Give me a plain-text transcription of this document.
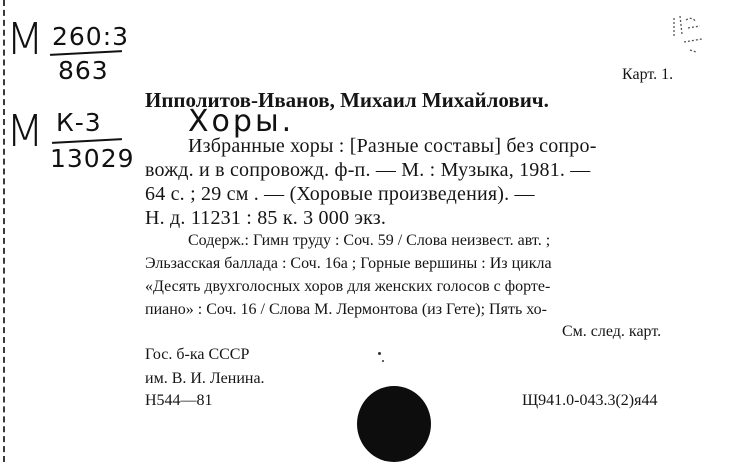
М 260:3
863
М К-3
13029
Карт. 1.
Ипполитов-Иванов, Михаил Михайлович.
Хоры.
Избранные хоры : [Разные составы] без сопро-
вожд. и в сопровожд. ф-п. — М. : Музыка, 1981. —
64 с. ; 29 см . — (Хоровые произведения). —
Н. д. 11231 : 85 к. 3 000 экз.
Содерж.: Гимн труду : Соч. 59 / Слова неизвест. авт. ;
Эльзасская баллада : Соч. 16а ; Горные вершины : Из цикла
«Десять двухголосных хоров для женских голосов с форте-
пиано» : Соч. 16 / Слова М. Лермонтова (из Гете); Пять хо-
См. след. карт.
Гос. б-ка СССР
им. В. И. Ленина.
Н544—81	Щ941.0-043.3(2)я44
